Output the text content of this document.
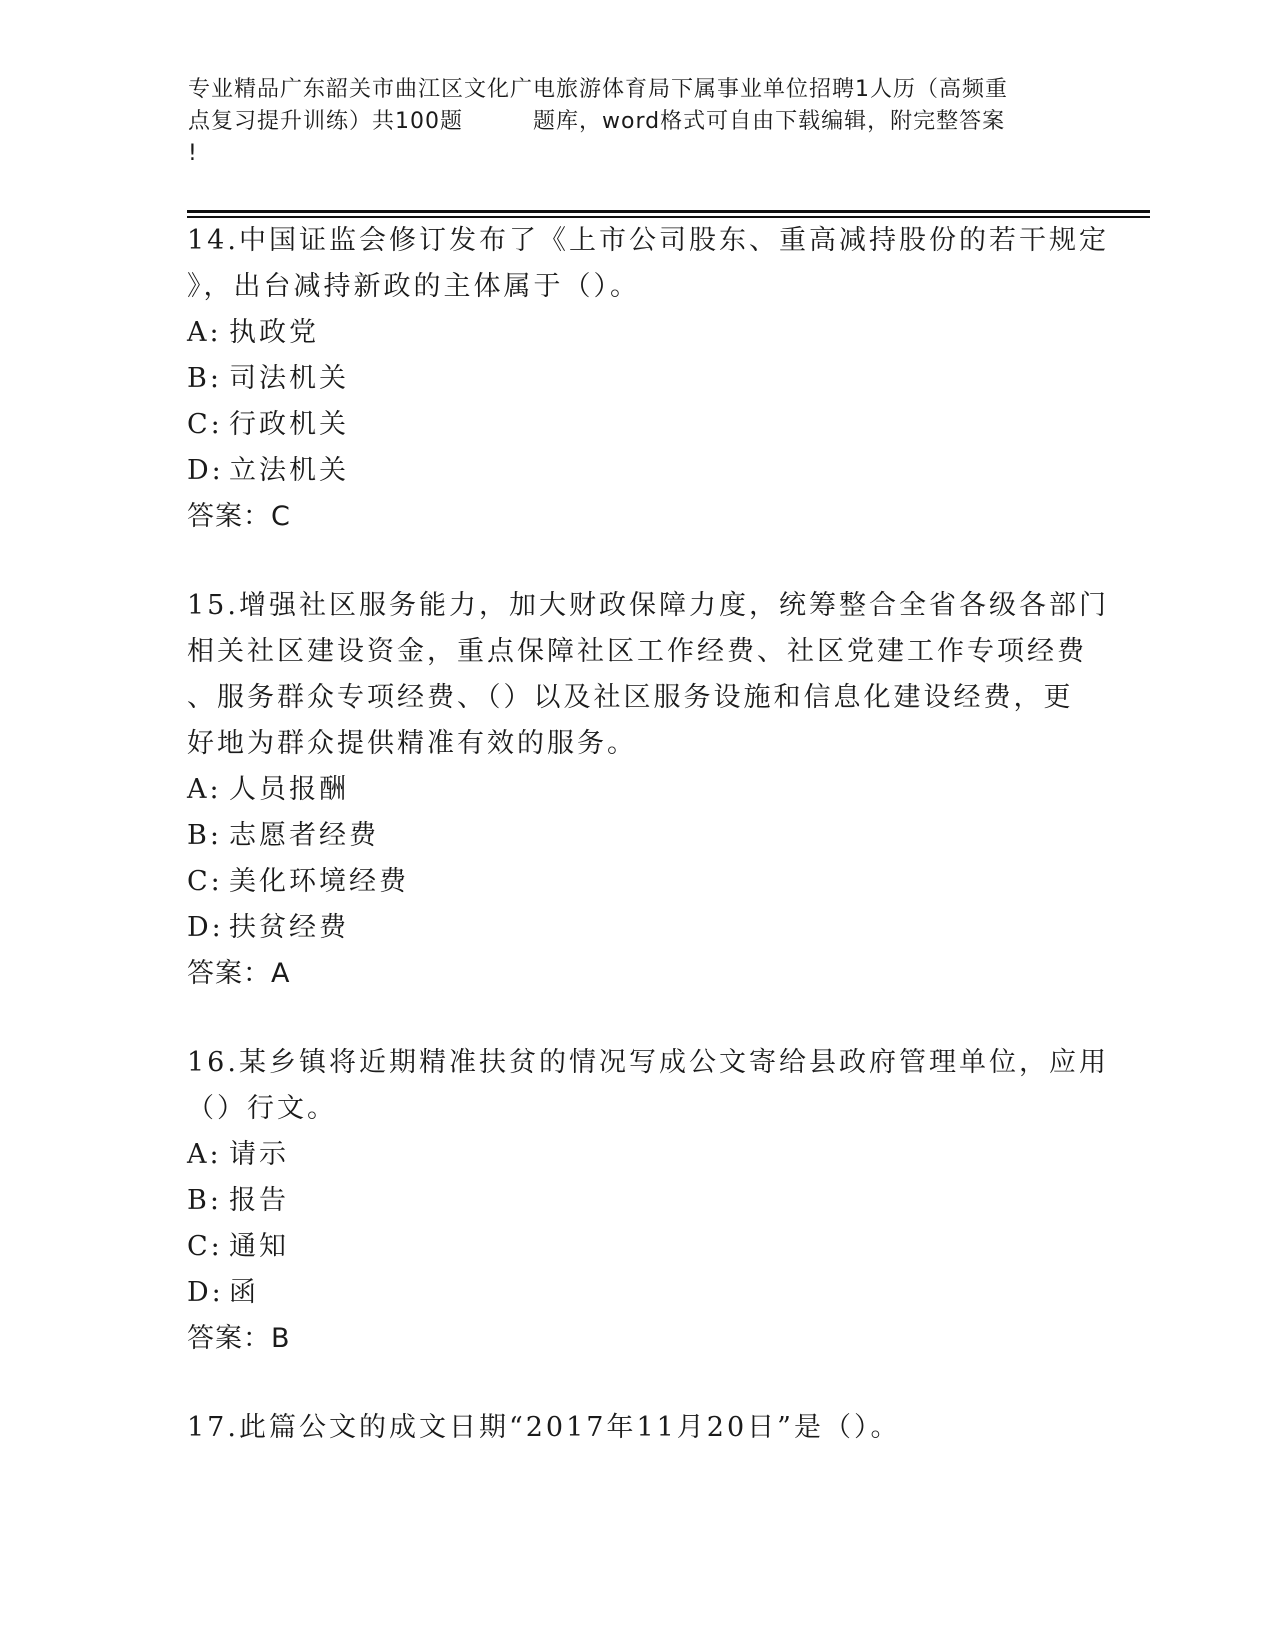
专业精品广东韶关市曲江区文化广电旅游体育局下属事业单位招聘1人历（高频重
点复习提升训练）共100题	题库，word格式可自由下载编辑，附完整答案
!
14.中国证监会修订发布了《上市公司股东、重高减持股份的若干规定
》，出台减持新政的主体属于（）。
A: 执政党
B: 司法机关
C: 行政机关
D: 立法机关
答案：C
15.增强社区服务能力，加大财政保障力度，统筹整合全省各级各部门
相关社区建设资金，重点保障社区工作经费、社区党建工作专项经费
、服务群众专项经费、（）以及社区服务设施和信息化建设经费，更
好地为群众提供精准有效的服务。
A: 人员报酬
B: 志愿者经费
C: 美化环境经费
D: 扶贫经费
答案：A
16.某乡镇将近期精准扶贫的情况写成公文寄给县政府管理单位，应用
（）行文。
A: 请示
B: 报告
C: 通知
D: 函
答案：B
17.此篇公文的成文日期“2017年11月20日”是（）。
